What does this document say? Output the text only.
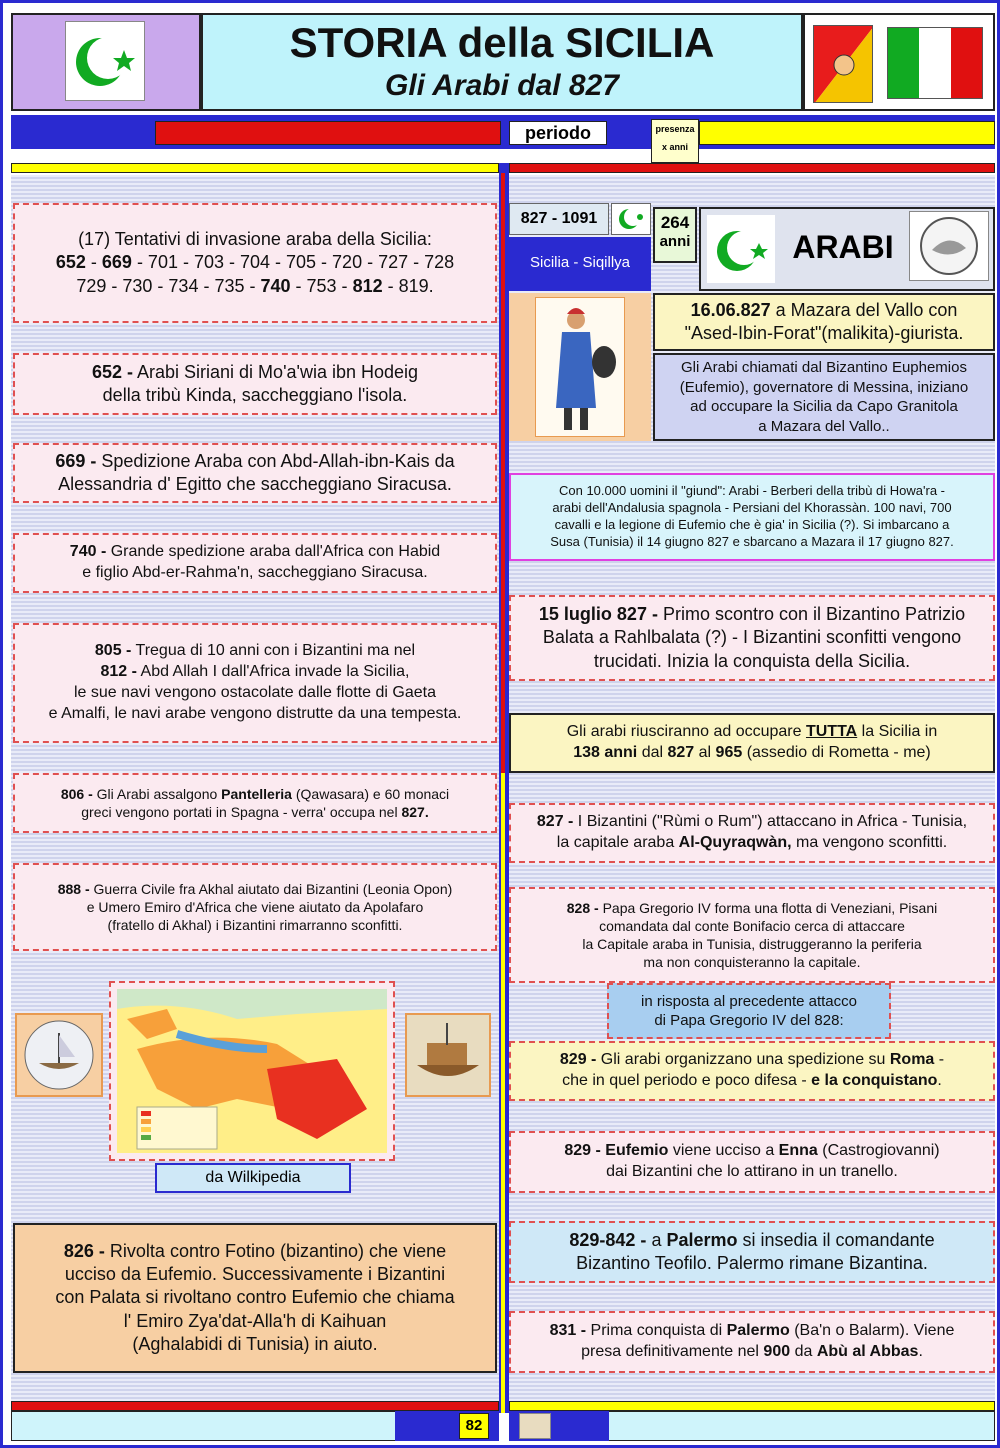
STORIA della SICILIA
Gli Arabi dal 827
periodo	presenza
x anni

(17) Tentativi di invasione araba della Sicilia:

652 - 669 - 701 - 703 - 704 - 705 - 720 - 727 - 728

729 - 730 - 734 - 735 - 740 - 753 - 812 - 819.

652 - Arabi Siriani di Mo'a'wia ibn Hodeig

della tribù Kinda, saccheggiano l'isola.

669 - Spedizione Araba con Abd-Allah-ibn-Kais da

Alessandria d' Egitto che saccheggiano Siracusa.

740 - Grande spedizione araba dall'Africa con Habid

e figlio Abd-er-Rahma'n, saccheggiano Siracusa.

805 - Tregua di 10 anni con i Bizantini ma nel

812 - Abd Allah I dall'Africa invade la Sicilia,

le sue navi vengono ostacolate dalle flotte di Gaeta

e Amalfi, le navi arabe vengono distrutte da una tempesta.

806 - Gli Arabi assalgono Pantelleria (Qawasara) e 60 monaci

greci vengono portati in Spagna - verra' occupa nel 827.

888 - Guerra Civile fra Akhal aiutato dai Bizantini (Leonia Opon)

e Umero Emiro d'Africa che viene aiutato da Apolafaro

(fratello di Akhal) i Bizantini rimarranno sconfitti.

da Wilkipedia

826 - Rivolta contro Fotino (bizantino) che viene

ucciso da Eufemio. Successivamente i Bizantini

con Palata si rivoltano contro Eufemio che chiama

l' Emiro Zya'dat-Alla'h di Kaihuan

(Aghalabidi di Tunisia) in aiuto.

827 - 1091
Sicilia - Siqillya
264
anni	ARABI

16.06.827 a Mazara del Vallo con

"Ased-Ibin-Forat"(malikita)-giurista.

Gli Arabi chiamati dal Bizantino Euphemios

(Eufemio), governatore di Messina, iniziano

ad occupare la Sicilia da Capo Granitola

a Mazara del Vallo..

Con 10.000 uomini il "giund": Arabi - Berberi della tribù di Howa'ra -

arabi dell'Andalusia spagnola - Persiani del Khorassàn. 100 navi, 700

cavalli e la legione di Eufemio che è gia' in Sicilia (?). Si imbarcano a

Susa (Tunisia) il 14 giugno 827 e sbarcano a Mazara il 17 giugno 827.

15 luglio 827 - Primo scontro con il Bizantino Patrizio

Balata a Rahlbalata (?) - I Bizantini sconfitti vengono

trucidati. Inizia la conquista della Sicilia.

Gli arabi riusciranno ad occupare TUTTA la Sicilia in

138 anni dal 827 al 965 (assedio di Rometta - me)

827 - I Bizantini ("Rùmi o Rum") attaccano in Africa - Tunisia,

la capitale araba Al-Quyraqwàn, ma vengono sconfitti.

828 - Papa Gregorio IV forma una flotta di Veneziani, Pisani

comandata dal conte Bonifacio cerca di attaccare

la Capitale araba in Tunisia, distruggeranno la periferia

ma non conquisteranno la capitale.

in risposta al precedente attacco

di Papa Gregorio IV del 828:

829 - Gli arabi organizzano una spedizione su Roma -

che in quel periodo e poco difesa - e la conquistano.

829 - Eufemio viene ucciso a Enna (Castrogiovanni)

dai Bizantini che lo attirano in un tranello.

829-842 - a Palermo si insedia il comandante

Bizantino Teofilo. Palermo rimane Bizantina.

831 - Prima conquista di Palermo (Ba'n o Balarm). Viene

presa definitivamente nel 900 da Abù al Abbas.

82
